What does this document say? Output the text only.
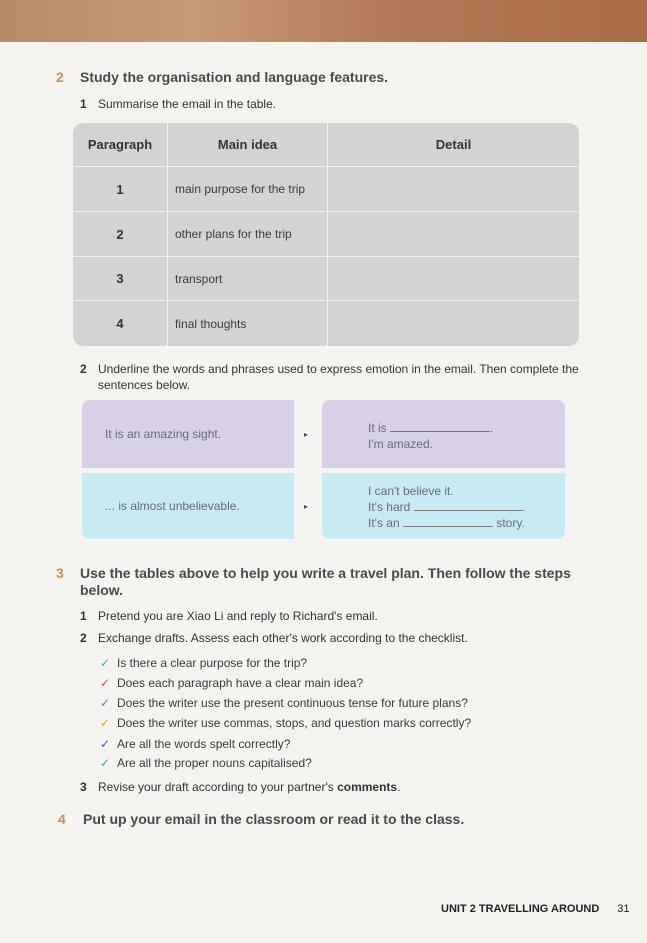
2	Study the organisation and language features.
1 Summarise the email in the table.
Paragraph	Main idea	Detail
1	main purpose for the trip
2	other plans for the trip
3	transport
4	final thoughts
2 Underline the words and phrases used to express emotion in the email. Then complete the
sentences below.
It is an amazing sight.	▸	It is	.
I'm amazed.
... is almost unbelievable.	▸
I can't believe it.
It's hard	.
It's an	story.
3	Use the tables above to help you write a travel plan. Then follow the steps
below.
1 Pretend you are Xiao Li and reply to Richard's email.
2 Exchange drafts. Assess each other's work according to the checklist.
✓ Is there a clear purpose for the trip?
✓ Does each paragraph have a clear main idea?
✓ Does the writer use the present continuous tense for future plans?
✓ Does the writer use commas, stops, and question marks correctly?
✓ Are all the words spelt correctly?
✓ Are all the proper nouns capitalised?
3 Revise your draft according to your partner's comments.
4	Put up your email in the classroom or read it to the class.
UNIT 2 TRAVELLING AROUND 31
